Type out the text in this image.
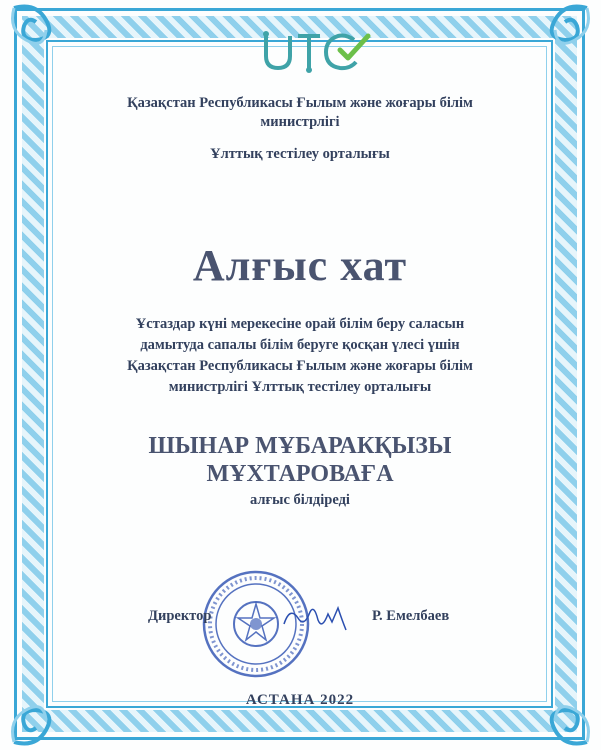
Қазақстан Республикасы Ғылым және жоғары білім
министрлігі
Ұлттық тестілеу орталығы
Алғыс хат
Ұстаздар күні мерекесіне орай білім беру саласын
дамытуда сапалы білім беруге қосқан үлесі үшін
Қазақстан Республикасы Ғылым және жоғары білім
министрлігі Ұлттық тестілеу орталығы
ШЫНАР МҰБАРАКҚЫЗЫ
МҰХТАРОВАҒА
алғыс білдіреді
Директор	Р. Емелбаев
АСТАНА 2022
